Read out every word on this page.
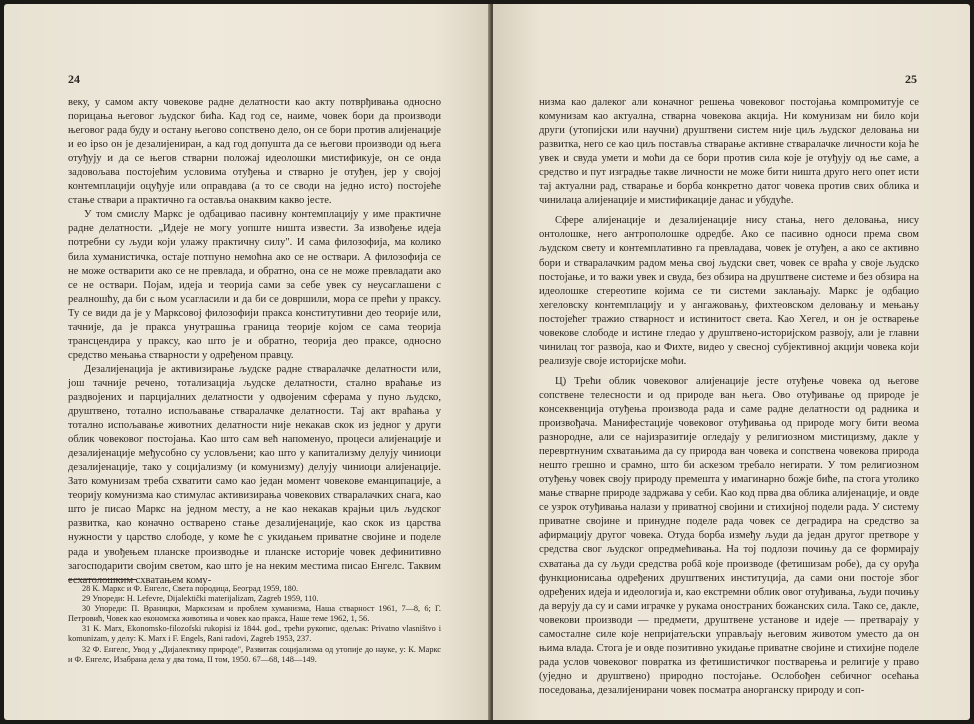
24

веку, у самом акту човекове радне делатности као акту потврђивања односно порицања његовог људског бића. Кад год се, наиме, човек бори да производи његовог рада буду и остану његово сопствено дело, он се бори против алијенације и eo ipso он је дезалијениран, а кад год допушта да се његови производи од њега отуђују и да се његов стварни положај идеолошки мистификује, он се онда задовољава постојећим условима отуђења и стварно је отуђен, јер у својој контемплацији оцуђује или оправдава (а то се своди на једно исто) постојеће стање ствари а практично га оставља онаквим какво јесте.

У том смислу Маркс је одбацивао пасивну контемплацију у име практичне радне делатности. „Идеје не могу уопште ништа извести. За извођење идеја потребни су људи који улажу практичну силу". И сама филозофија, ма колико била хуманистичка, остаје потпуно немоћна ако се не оствари. А филозофија се не може остварити ако се не превлада, и обратно, она се не може превладати ако се не оствари. Појам, идеја и теорија сами за себе увек су неусаглашени с реалношћу, да би с њом усагласили и да би се довршили, мора се прећи у праксу. Ту се види да је у Марксовој филозофији пракса конститутивни део теорије или, тачније, да је пракса унутрашња граница теорије којом се сама теорија трансцендира у праксу, као што је и обратно, теорија део праксе, односно средство мењања стварности у одређеном правцу.

Дезалијенација је активизирање људске радне стваралачке делатности или, још тачније речено, тотализација људске делатности, стално враћање из раздвојених и парцијалних делатности у одвојеним сферама у пуно људско, друштвено, тотално испољавање стваралачке делатности. Тај акт враћања у тотално испољавање животних делатности није некакав скок из једног у други облик човековог постојања. Као што сам већ напоменуо, процеси алијенације и дезалијенације међусобно су условљени; као што у капитализму делују чиниоци дезалијенације, тако у социјализму (и комунизму) делују чиниоци алијенације. Зато комунизам треба схватити само као један момент човекове еманципације, а теорију комунизма као стимулас активизирања човекових стваралачких снага, као што је писао Маркс на једном месту, а не као некакав крајњи циљ људског развитка, као коначно остварено стање дезалијенације, као скок из царства нужности у царство слободе, у коме ће с укидањем приватне својине и поделе рада и увођењем планске производње и планске историје човек дефинитивно загосподарити својим светом, као што је на неким местима писао Енгелс. Таквим есхатолошким схватањем кому-

28 К. Маркс и Ф. Енгелс, Света породица, Београд 1959, 180.

29 Упореди: H. Lefevre, Dijalektički materijalizam, Zagreb 1959, 110.

30 Упореди: П. Враницки, Марксизам и проблем хуманизма, Наша стварност 1961, 7—8, 6; Г. Петровић, Човек као економска животиња и човек као пракса, Наше теме 1962, 1, 56.

31 K. Marx, Ekonomsko-filozofski rukopisi iz 1844. god., трећи рукопис, одељак: Privatno vlasništvo i komunizam, у делу: K. Marx i F. Engels, Rani radovi, Zagreb 1953, 237.

32 Ф. Енгелс, Увод у „Дијалектику природе", Развитак социјализма од утопије до науке, у: К. Маркс и Ф. Енгелс, Изабрана дела у два тома, II том, 1950. 67—68, 148—149.

25

низма као далеког али коначног решења човековог постојања компромитује се комунизам као актуална, стварна човекова акција. Ни комунизам ни било који други (утопијски или научни) друштвени систем није циљ људског деловања ни развитка, него се као циљ поставља стварање активне стваралачке личности која ће увек и свуда умети и моћи да се бори против сила које је отуђују од ње саме, а средство и пут изградње такве личности не може бити ништа друго него опет исти тај актуални рад, стварање и борба конкретно датог човека против свих облика и чинилаца алијенације и мистификације данас и убудуће.

Сфере алијенације и дезалијенације нису стања, него деловања, нису онтолошке, него антрополошке одредбе. Ако се пасивно односи према свом људском свету и контемплативно га превладава, човек је отуђен, а ако се активно бори и стваралачким радом мења свој људски свет, човек се враћа у своје људско постојање, и то важи увек и свуда, без обзира на друштвене системе и без обзира на идеолошке стереотипе којима се ти системи заклањају. Маркс је одбацио хегеловску контемплацију и у ангажовању, фихтеовском деловању и мењању постојећег тражио стварност и истинитост света. Као Хегел, и он је остварење човекове слободе и истине гледао у друштвено-историјском развоју, али је главни чинилац тог развоја, као и Фихте, видео у свесној субјективној акцији човека који реализује своје историјске моћи.

Ц) Трећи облик човековог алијенације јесте отуђење човека од његове сопствене телесности и од природе ван њега. Ово отуђивање од природе је консеквенција отуђења производа рада и саме радне делатности од радника и произвођача. Манифестације човековог отуђивања од природе могу бити веома разнородне, али се најизразитије огледају у религиозном мистицизму, дакле у перевртнуним схватањима да су природа ван човека и сопствена човекова природа нешто грешно и срамно, што би аскезом требало негирати. У том религиозном отуђењу човек своју природу премешта у имагинарно божје биће, па стога утолико мање стварне природе задржава у себи. Као код прва два облика алијенације, и овде се узрок отуђивања налази у приватној својини и стихијној подели рада. У систему приватне својине и принудне поделе рада човек се деградира на средство за афирмацију другог човека. Отуда борба између људи да један другог претворе у средства свог људског опредмећивања. На тој подлози почињу да се формирају схватања да су људи средства робâ које производе (фетишизам робе), да су оруђа функционисања одређених друштвених институција, да сами они постоје због одређених идеја и идеологија и, као екстремни облик овог отуђивања, људи почињу да верују да су и сами играчке у рукама оностраних божанских сила. Тако се, дакле, човекови производи — предмети, друштвене установе и идеје — претварају у самосталне силе које непријатељски управљају његовим животом уместо да он њима влада. Стога је и овде позитивно укидање приватне својине и стихијне поделе рада услов човековог повратка из фетишистичког постварења и религије у право (уједно и друштвено) природно постојање. Ослобођен себичног осећања поседовања, дезалијенирани човек посматра анорганску природу и соп-
